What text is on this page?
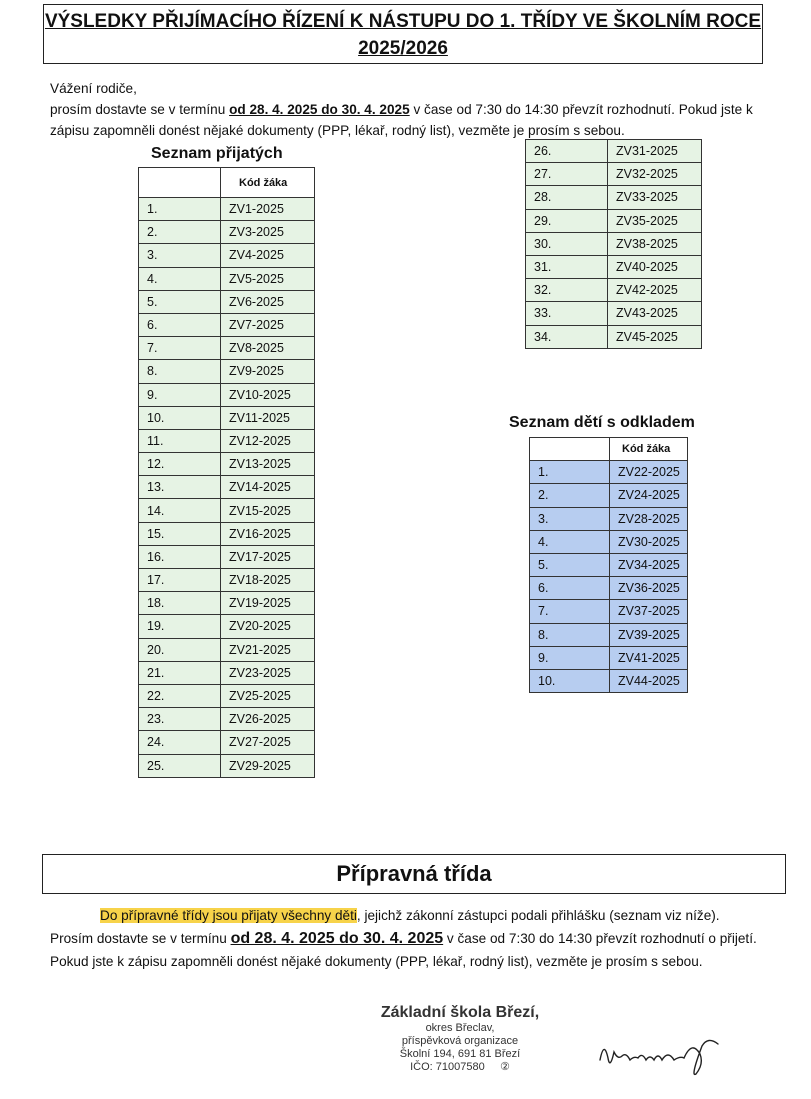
VÝSLEDKY PŘIJÍMACÍHO ŘÍZENÍ K NÁSTUPU DO 1. TŘÍDY VE ŠKOLNÍM ROCE
2025/2026

Vážení rodiče,

prosím dostavte se v termínu od 28. 4. 2025 do 30. 4. 2025 v čase od 7:30 do 14:30 převzít rozhodnutí. Pokud jste k zápisu zapomněli donést nějaké dokumenty (PPP, lékař, rodný list), vezměte je prosím s sebou.

Seznam přijatých
	Kód žáka
1.	ZV1-2025
2.	ZV3-2025
3.	ZV4-2025
4.	ZV5-2025
5.	ZV6-2025
6.	ZV7-2025
7.	ZV8-2025
8.	ZV9-2025
9.	ZV10-2025
10.	ZV11-2025
11.	ZV12-2025
12.	ZV13-2025
13.	ZV14-2025
14.	ZV15-2025
15.	ZV16-2025
16.	ZV17-2025
17.	ZV18-2025
18.	ZV19-2025
19.	ZV20-2025
20.	ZV21-2025
21.	ZV23-2025
22.	ZV25-2025
23.	ZV26-2025
24.	ZV27-2025
25.	ZV29-2025
26.	ZV31-2025
27.	ZV32-2025
28.	ZV33-2025
29.	ZV35-2025
30.	ZV38-2025
31.	ZV40-2025
32.	ZV42-2025
33.	ZV43-2025
34.	ZV45-2025
Seznam dětí s odkladem
	Kód žáka
1.	ZV22-2025
2.	ZV24-2025
3.	ZV28-2025
4.	ZV30-2025
5.	ZV34-2025
6.	ZV36-2025
7.	ZV37-2025
8.	ZV39-2025
9.	ZV41-2025
10.	ZV44-2025
Přípravná třída

Do přípravné třídy jsou přijaty všechny děti, jejichž zákonní zástupci podali přihlášku (seznam viz níže).

Prosím dostavte se v termínu od 28. 4. 2025 do 30. 4. 2025 v čase od 7:30 do 14:30 převzít rozhodnutí o přijetí. Pokud jste k zápisu zapomněli donést nějaké dokumenty (PPP, lékař, rodný list), vezměte je prosím s sebou.

Základní škola Březí,
okres Břeclav,
příspěvková organizace
Školní 194, 691 81 Březí
IČO: 71007580 ②
